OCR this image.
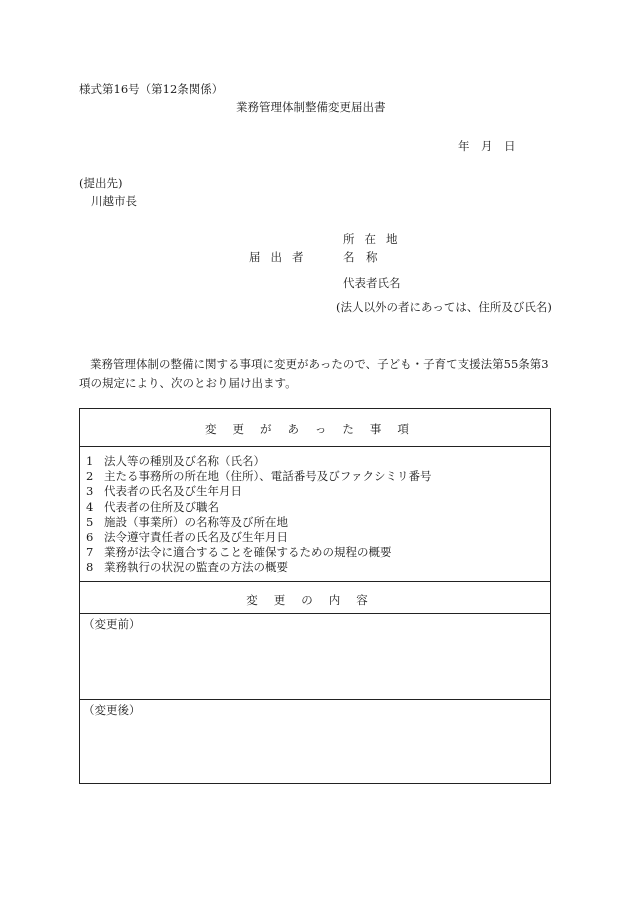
様式第16号（第12条関係）
業務管理体制整備変更届出書
年　月　日
(提出先)
川越市長
所在地
届出者	名　称
代表者氏名
(法人以外の者にあっては、住所及び氏名)
業務管理体制の整備に関する事項に変更があったので、子ども・子育て支援法第55条第3項の規定により、次のとおり届け出ます。
変更があった事項
1 法人等の種別及び名称（氏名）
2 主たる事務所の所在地（住所）、電話番号及びファクシミリ番号
3 代表者の氏名及び生年月日
4 代表者の住所及び職名
5 施設（事業所）の名称等及び所在地
6 法令遵守責任者の氏名及び生年月日
7 業務が法令に適合することを確保するための規程の概要
8 業務執行の状況の監査の方法の概要
変更の内容
（変更前）
（変更後）
